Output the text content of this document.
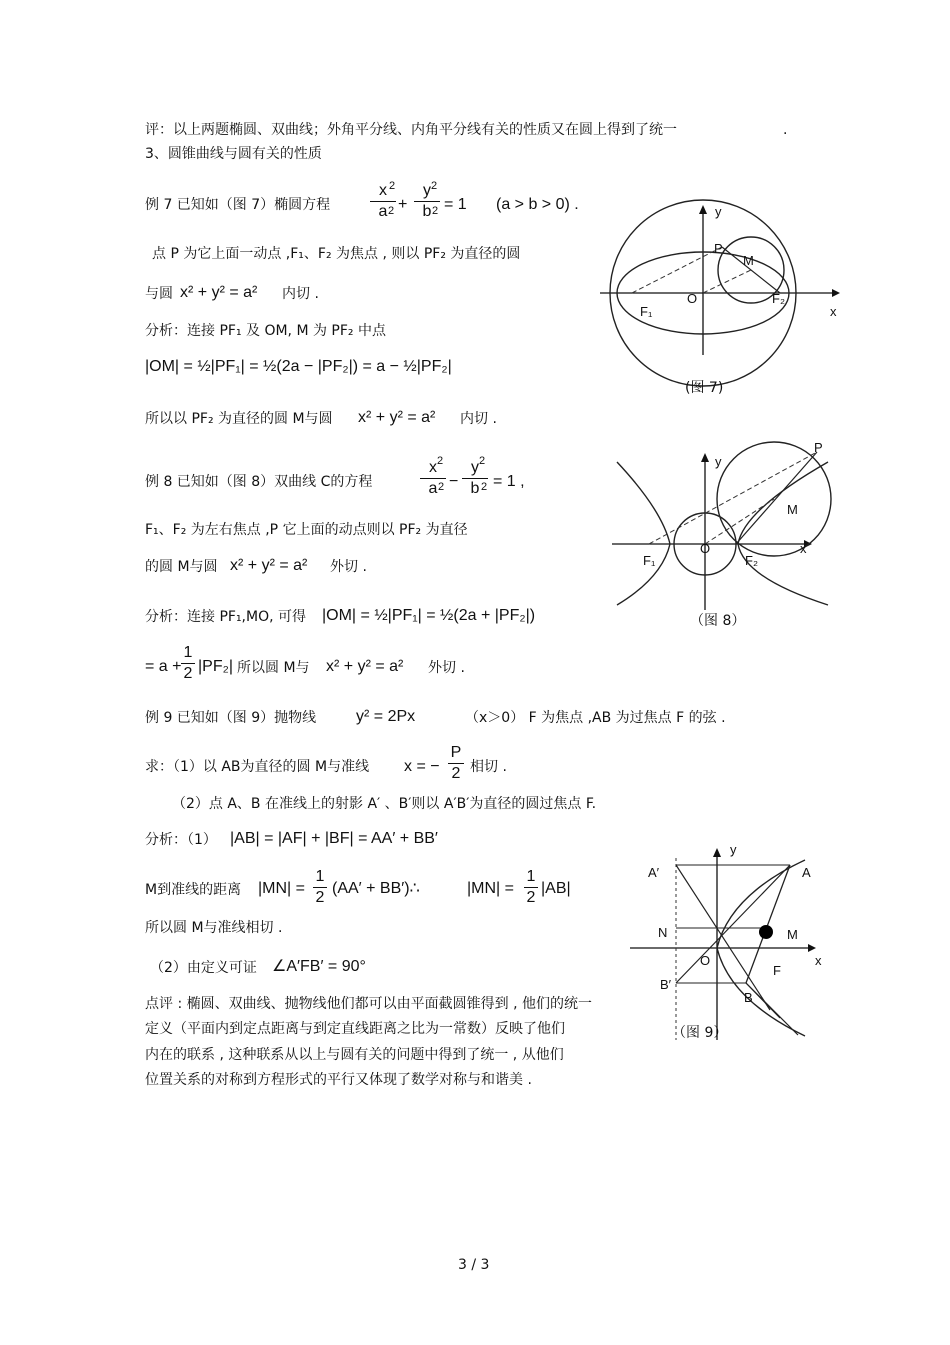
评：以上两题椭圆、双曲线；外角平分线、内角平分线有关的性质又在圆上得到了统一	.
3、圆锥曲线与圆有关的性质
例 7 已知如（图 7）椭圆方程
x
a
2
2 +
y
b
2
2 = 1 (a > b > 0) .
点 P 为它上面一动点 ,F₁、F₂ 为焦点 , 则以 PF₂ 为直径的圆
与圆 x² + y² = a² 内切 .
分析：连接 PF₁ 及 OM, M 为 PF₂ 中点
|OM| = ½|PF₁| = ½(2a − |PF₂|) = a − ½|PF₂|
所以以 PF₂ 为直径的圆 M与圆 x² + y² = a² 内切 .
y
P
M
O
F₁
F₂
x
(图 7)
例 8 已知如（图 8）双曲线 C的方程
x
a
2
2 −
y
b
2
2 = 1 ,
F₁、F₂ 为左右焦点 ,P 它上面的动点则以 PF₂ 为直径
的圆 M与圆 x² + y² = a² 外切 .
分析：连接 PF₁,MO, 可得 |OM| = ½|PF₁| = ½(2a + |PF₂|)
= a +
1
2 |PF₂| 所以圆 M与 x² + y² = a² 外切 .
y
P
M
O	x
F₁	F₂
（图 8）
例 9 已知如（图 9）抛物线 y² = 2Px	（x＞0） F 为焦点 ,AB 为过焦点 F 的弦 .
求：（1）以 AB为直径的圆 M与准线 x = −
P
2 相切 .
（2）点 A、B 在准线上的射影 A′ 、B′则以 A′B′为直径的圆过焦点 F.
分析：（1） |AB| = |AF| + |BF| = AA′ + BB′
M到准线的距离 |MN| =
1
2
(AA′ + BB′)∴	|MN| =
1
2
|AB|
所以圆 M与准线相切 .
（2）由定义可证 ∠A′FB′ = 90°
y
A′	A
N	M
O	x
F
B′
B
（图 9）
点评 : 椭圆、双曲线、抛物线他们都可以由平面截圆锥得到 , 他们的统一
定义（平面内到定点距离与到定直线距离之比为一常数）反映了他们
内在的联系 , 这种联系从以上与圆有关的问题中得到了统一 , 从他们
位置关系的对称到方程形式的平行又体现了数学对称与和谐美 .
3 / 3
